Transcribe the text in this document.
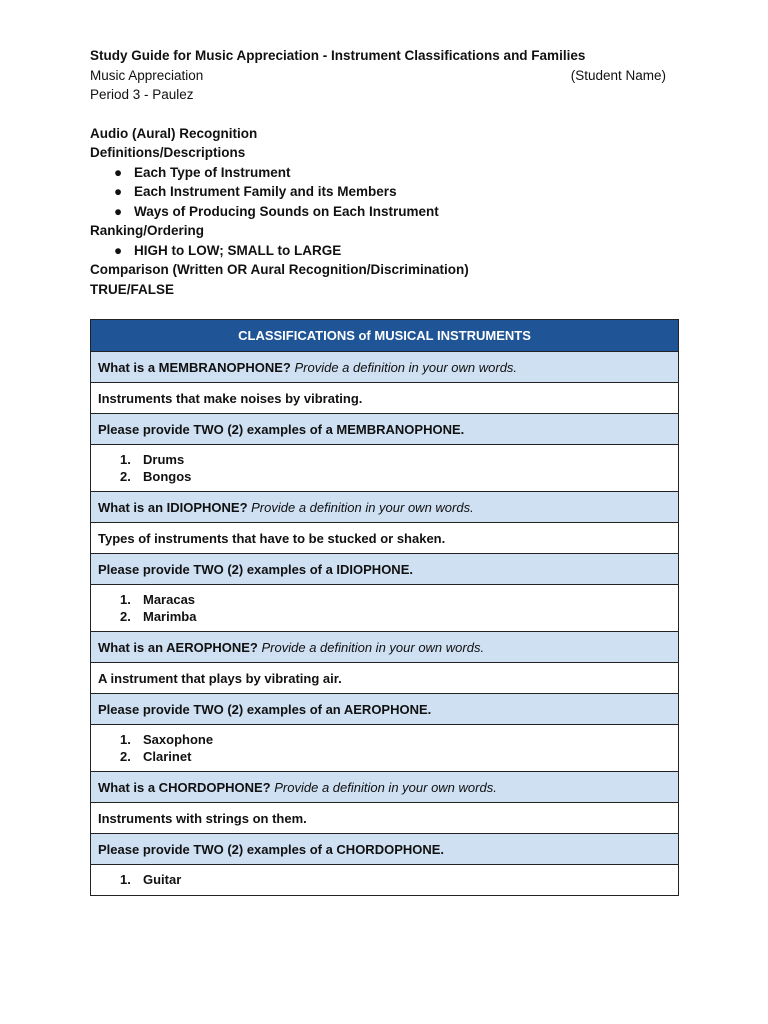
Study Guide for Music Appreciation - Instrument Classifications and Families
Music Appreciation	(Student Name)
Period 3 - Paulez
Audio (Aural) Recognition
Definitions/Descriptions
● Each Type of Instrument
● Each Instrument Family and its Members
● Ways of Producing Sounds on Each Instrument
Ranking/Ordering
● HIGH to LOW; SMALL to LARGE
Comparison (Written OR Aural Recognition/Discrimination)
TRUE/FALSE
CLASSIFICATIONS of MUSICAL INSTRUMENTS
What is a MEMBRANOPHONE? Provide a definition in your own words.
Instruments that make noises by vibrating.
Please provide TWO (2) examples of a MEMBRANOPHONE.

1. Drums
2. Bongos

What is an IDIOPHONE? Provide a definition in your own words.
Types of instruments that have to be stucked or shaken.
Please provide TWO (2) examples of a IDIOPHONE.

1. Maracas
2. Marimba

What is an AEROPHONE? Provide a definition in your own words.
A instrument that plays by vibrating air.
Please provide TWO (2) examples of an AEROPHONE.

1. Saxophone
2. Clarinet

What is a CHORDOPHONE? Provide a definition in your own words.
Instruments with strings on them.
Please provide TWO (2) examples of a CHORDOPHONE.

1. Guitar
